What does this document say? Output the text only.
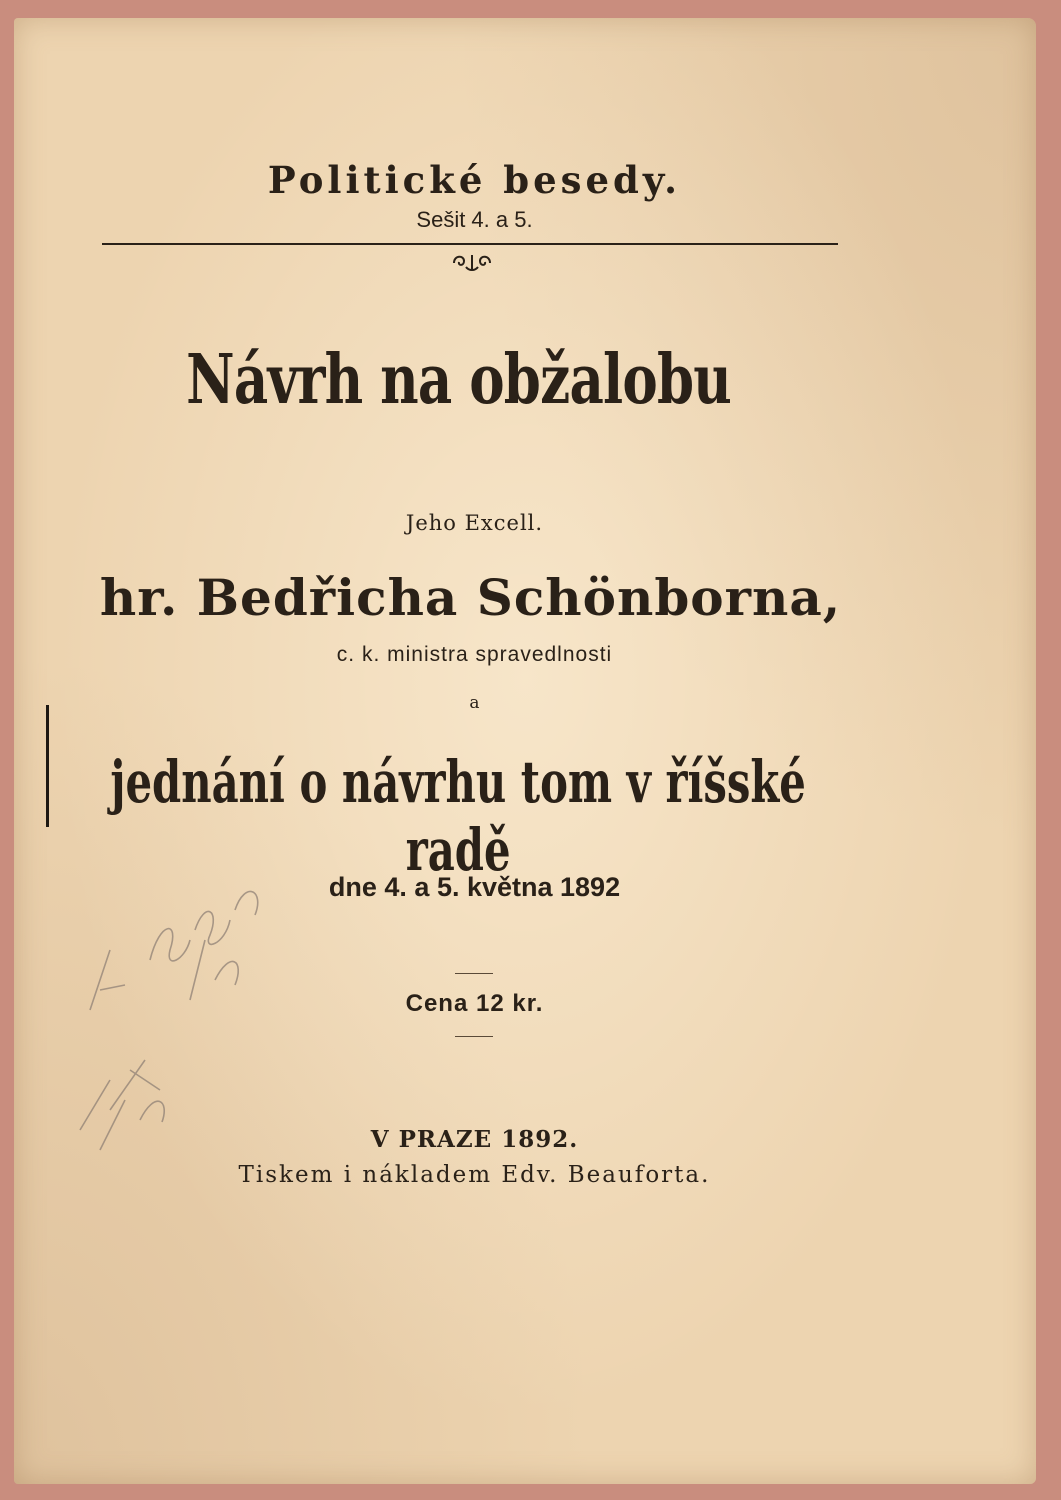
Politické besedy.
Sešit 4. a 5.
Návrh na obžalobu
Jeho Excell.
hr. Bedřicha Schönborna,
c. k. ministra spravedlnosti
a
jednání o návrhu tom v říšské radě
dne 4. a 5. května 1892
Cena 12 kr.
V PRAZE 1892.
Tiskem i nákladem Edv. Beauforta.
